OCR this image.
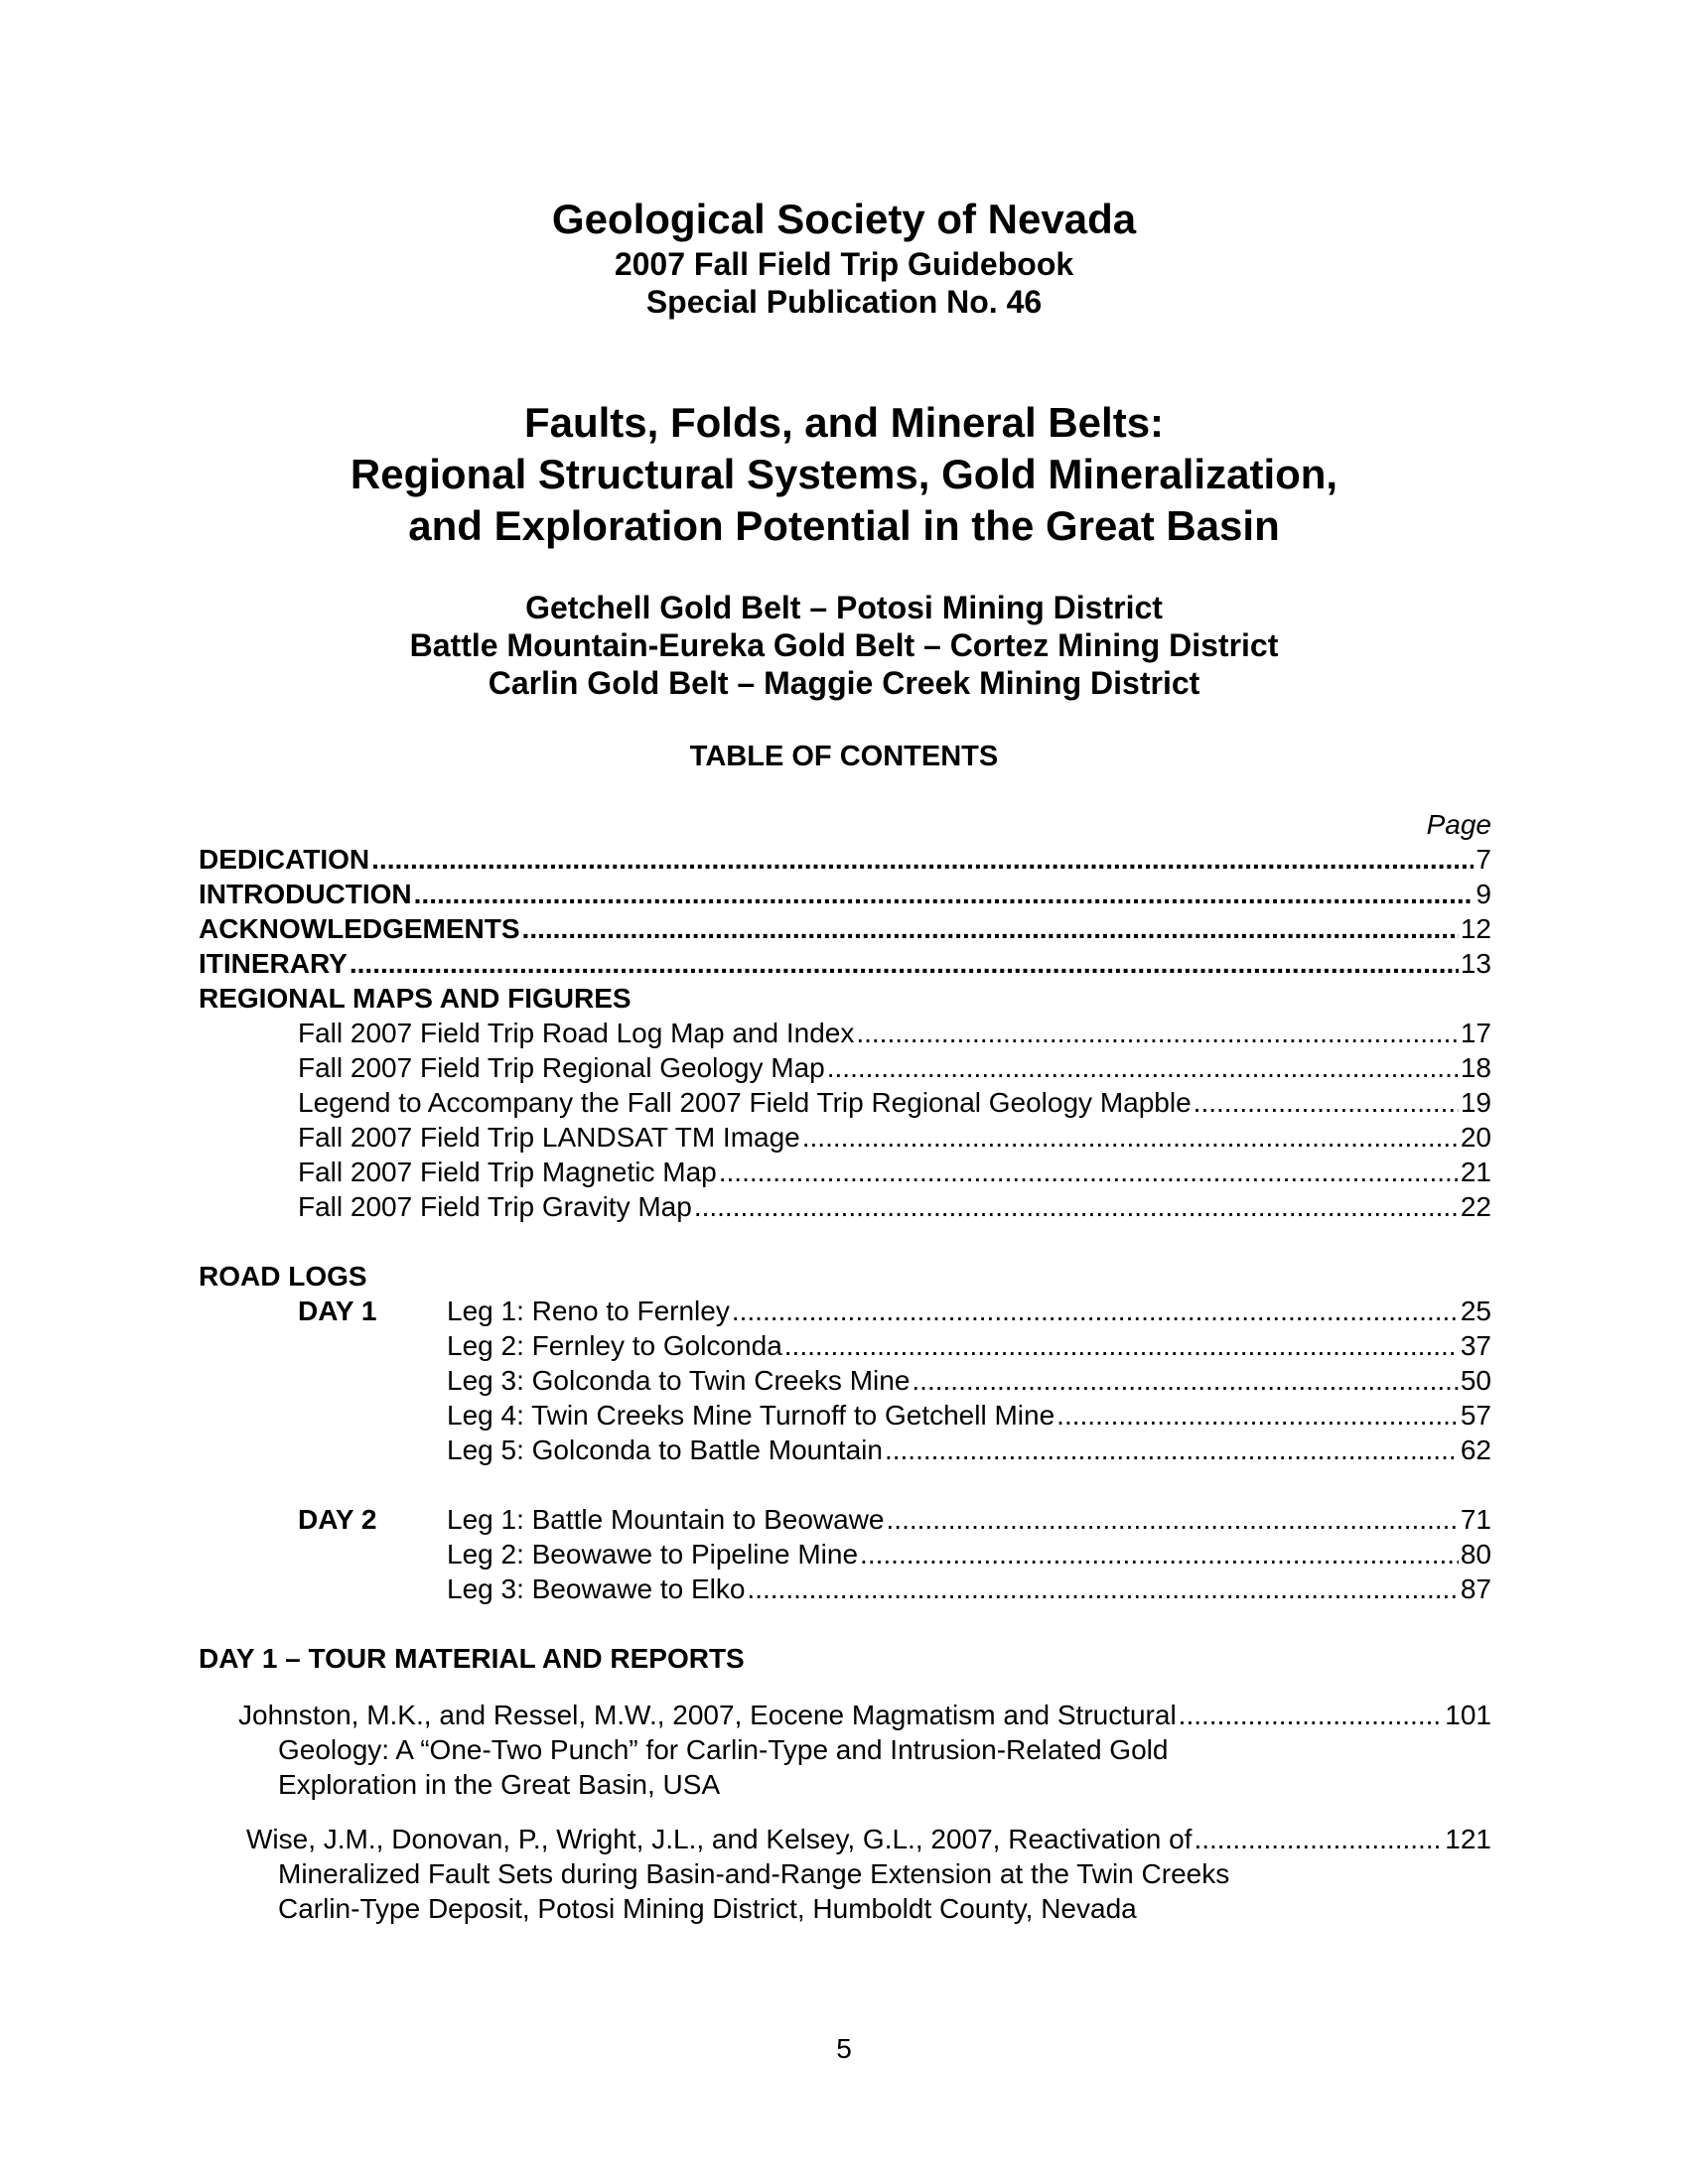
Geological Society of Nevada
2007 Fall Field Trip Guidebook
Special Publication No. 46
Faults, Folds, and Mineral Belts:
Regional Structural Systems, Gold Mineralization,
and Exploration Potential in the Great Basin
Getchell Gold Belt – Potosi Mining District
Battle Mountain-Eureka Gold Belt – Cortez Mining District
Carlin Gold Belt – Maggie Creek Mining District
TABLE OF CONTENTS
Page
DEDICATION .....	7
INTRODUCTION .....	9
ACKNOWLEDGEMENTS .....	12
ITINERARY .....	13
REGIONAL MAPS AND FIGURES
Fall 2007 Field Trip Road Log Map and Index .....	17
Fall 2007 Field Trip Regional Geology Map .....	18
Legend to Accompany the Fall 2007 Field Trip Regional Geology Mapble .....	19
Fall 2007 Field Trip LANDSAT TM Image .....	20
Fall 2007 Field Trip Magnetic Map .....	21
Fall 2007 Field Trip Gravity Map .....	22
ROAD LOGS
DAY 1	Leg 1: Reno to Fernley .....	25
Leg 2: Fernley to Golconda .....	37
Leg 3: Golconda to Twin Creeks Mine .....	50
Leg 4: Twin Creeks Mine Turnoff to Getchell Mine .....	57
Leg 5: Golconda to Battle Mountain .....	62
DAY 2	Leg 1: Battle Mountain to Beowawe .....	71
Leg 2: Beowawe to Pipeline Mine .....	80
Leg 3: Beowawe to Elko .....	87
DAY 1 – TOUR MATERIAL AND REPORTS
Johnston, M.K., and Ressel, M.W., 2007, Eocene Magmatism and Structural .....	101
Geology: A “One-Two Punch” for Carlin-Type and Intrusion-Related Gold
Exploration in the Great Basin, USA
Wise, J.M., Donovan, P., Wright, J.L., and Kelsey, G.L., 2007, Reactivation of .....	121
Mineralized Fault Sets during Basin-and-Range Extension at the Twin Creeks
Carlin-Type Deposit, Potosi Mining District, Humboldt County, Nevada
5
